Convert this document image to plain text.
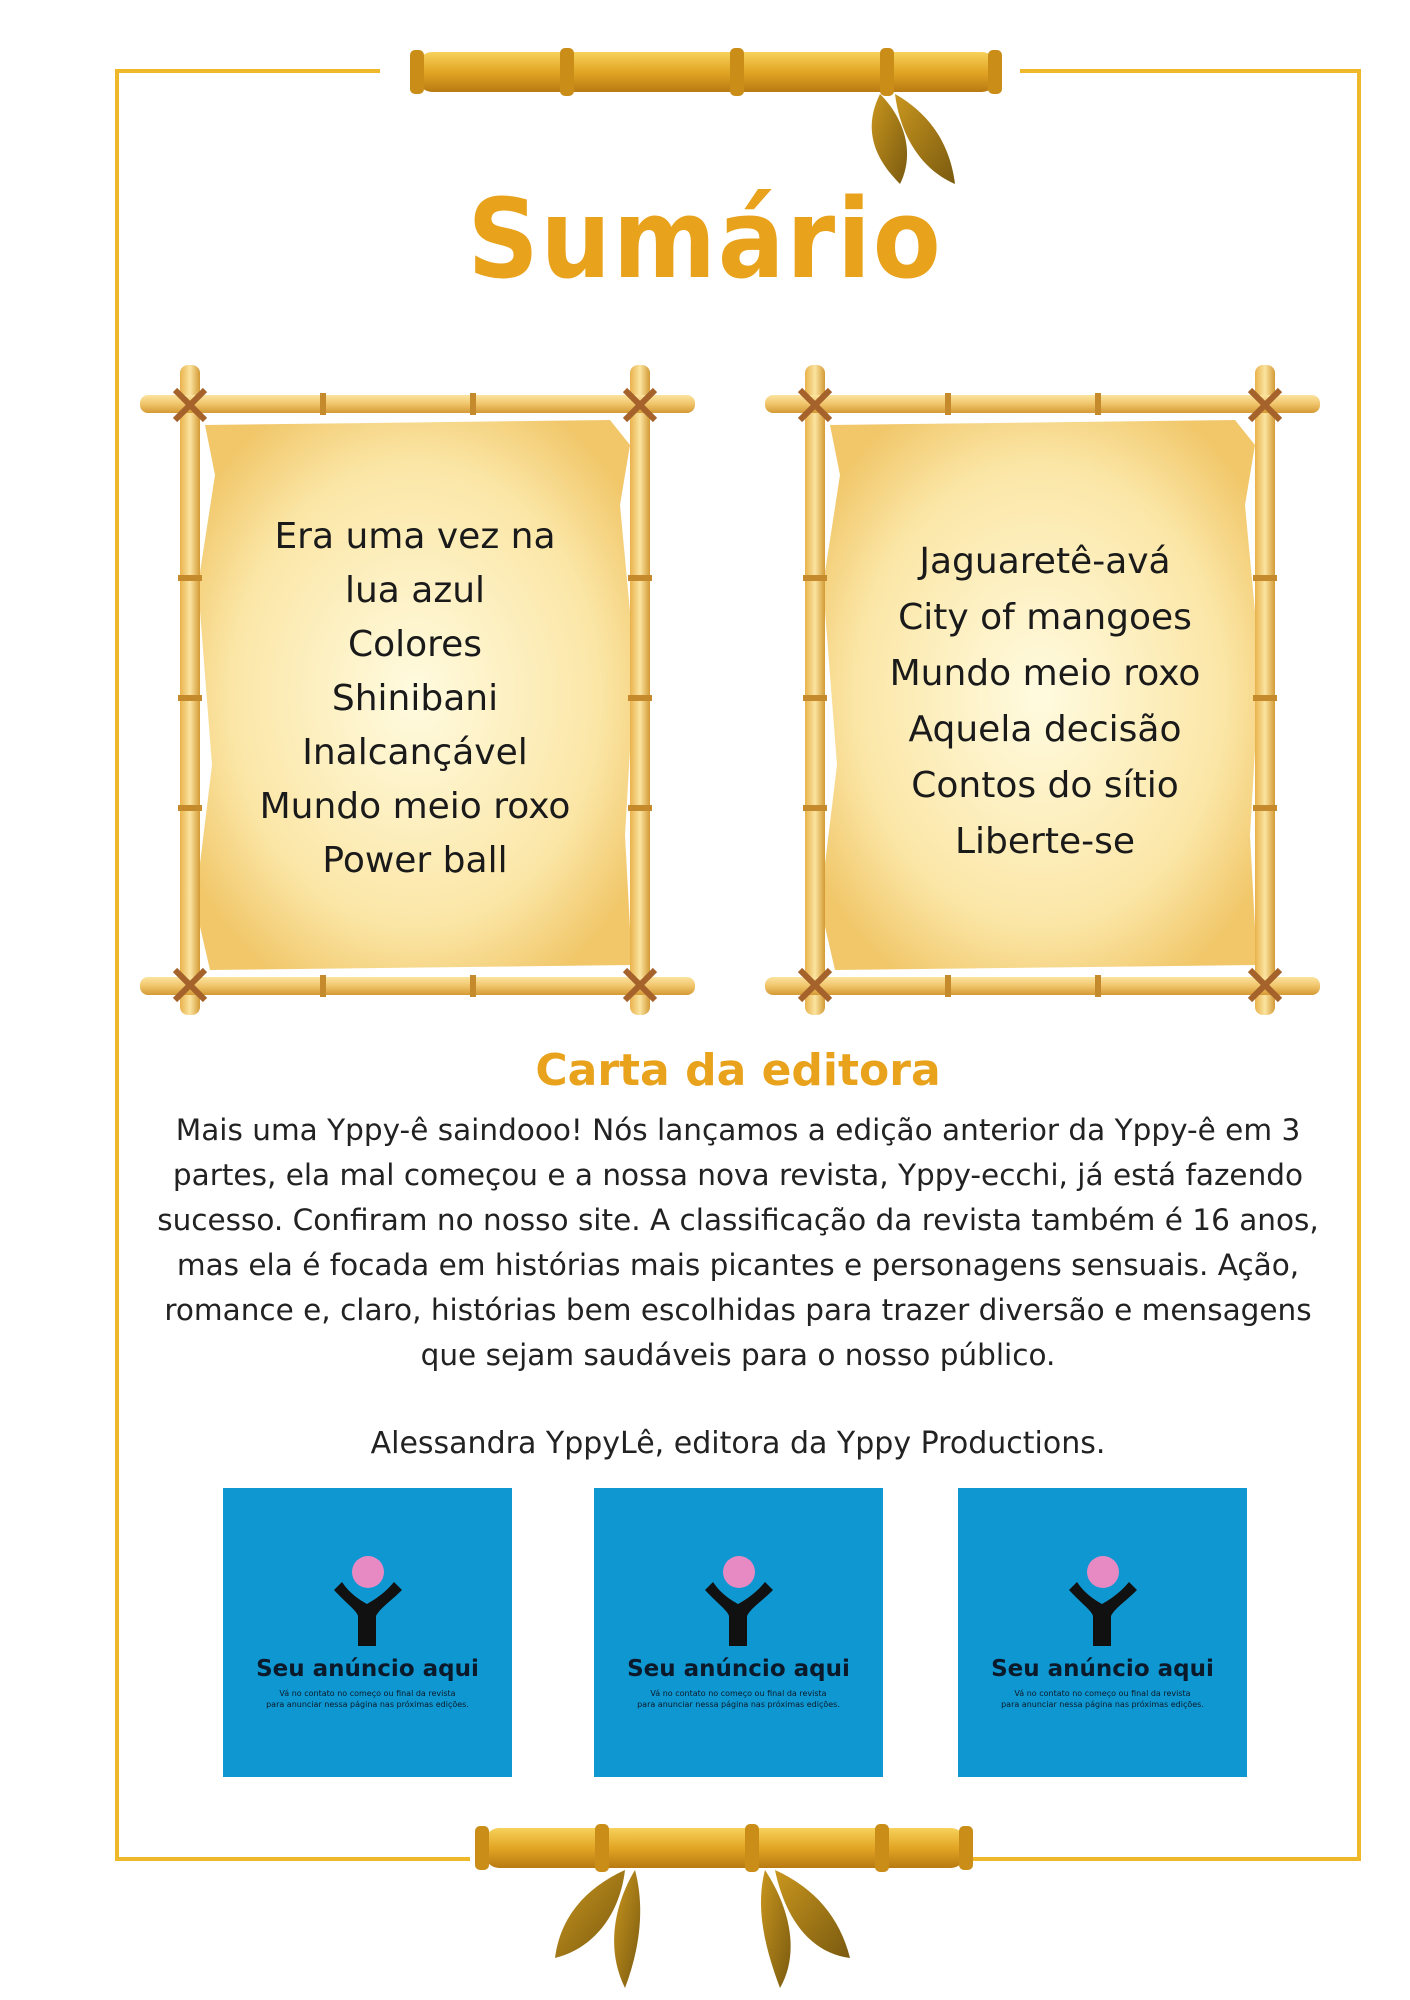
Sumário
Era uma vez na
lua azul
Colores
Shinibani
Inalcançável
Mundo meio roxo
Power ball
Jaguaretê-avá
City of mangoes
Mundo meio roxo
Aquela decisão
Contos do sítio
Liberte-se
Carta da editora
Mais uma Yppy-ê saindooo! Nós lançamos a edição anterior da Yppy-ê em 3
partes, ela mal começou e a nossa nova revista, Yppy-ecchi, já está fazendo
sucesso. Confiram no nosso site. A classificação da revista também é 16 anos,
mas ela é focada em histórias mais picantes e personagens sensuais. Ação,
romance e, claro, histórias bem escolhidas para trazer diversão e mensagens
que sejam saudáveis para o nosso público.
Alessandra YppyLê, editora da Yppy Productions.
Seu anúncio aqui
Vá no contato no começo ou final da revista
para anunciar nessa página nas próximas edições.
Seu anúncio aqui
Vá no contato no começo ou final da revista
para anunciar nessa página nas próximas edições.
Seu anúncio aqui
Vá no contato no começo ou final da revista
para anunciar nessa página nas próximas edições.
